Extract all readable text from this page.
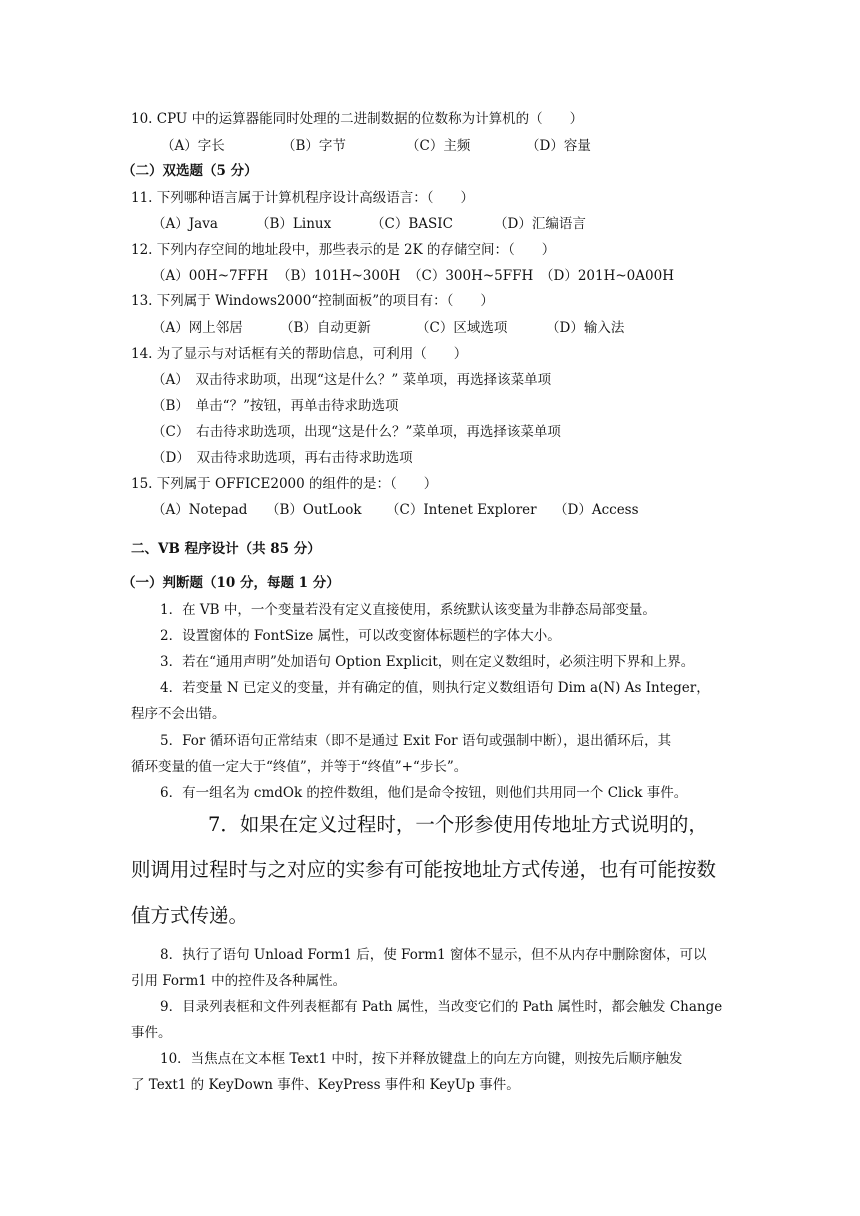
10. CPU 中的运算器能同时处理的二进制数据的位数称为计算机的（　　）
（A）字长	（B）字节	（C）主频	（D）容量
（二）双选题（5 分）
11. 下列哪种语言属于计算机程序设计高级语言：（　　）
（A）Java	（B）Linux	（C）BASIC	（D）汇编语言
12. 下列内存空间的地址段中，那些表示的是 2K 的存储空间：（　　）
（A）00H~7FFH （B）101H~300H （C）300H~5FFH （D）201H~0A00H
13. 下列属于 Windows2000“控制面板”的项目有：（　　）
（A）网上邻居	（B）自动更新	（C）区域选项	（D）输入法
14. 为了显示与对话框有关的帮助信息，可利用（　　）
（A）　双击待求助项，出现“这是什么？” 菜单项，再选择该菜单项
（B）　单击“？”按钮，再单击待求助选项
（C）　右击待求助选项，出现“这是什么？”菜单项，再选择该菜单项
（D）　双击待求助选项，再右击待求助选项
15. 下列属于 OFFICE2000 的组件的是：（　　）
（A）Notepad （B）OutLook （C）Intenet Explorer （D）Access
二、VB 程序设计（共 85 分）
（一）判断题（10 分，每题 1 分）
1．在 VB 中，一个变量若没有定义直接使用，系统默认该变量为非静态局部变量。
2．设置窗体的 FontSize 属性，可以改变窗体标题栏的字体大小。
3．若在“通用声明”处加语句 Option Explicit，则在定义数组时，必须注明下界和上界。
4．若变量 N 已定义的变量，并有确定的值，则执行定义数组语句 Dim a(N) As Integer，
程序不会出错。
5．For 循环语句正常结束（即不是通过 Exit For 语句或强制中断），退出循环后，其
循环变量的值一定大于“终值”，并等于“终值”+“步长”。
6．有一组名为 cmdOk 的控件数组，他们是命令按钮，则他们共用同一个 Click 事件。
7．如果在定义过程时，一个形参使用传地址方式说明的，
则调用过程时与之对应的实参有可能按地址方式传递，也有可能按数
值方式传递。
8．执行了语句 Unload Form1 后，使 Form1 窗体不显示，但不从内存中删除窗体，可以
引用 Form1 中的控件及各种属性。
9．目录列表框和文件列表框都有 Path 属性，当改变它们的 Path 属性时，都会触发 Change
事件。
10．当焦点在文本框 Text1 中时，按下并释放键盘上的向左方向键，则按先后顺序触发
了 Text1 的 KeyDown 事件、KeyPress 事件和 KeyUp 事件。
